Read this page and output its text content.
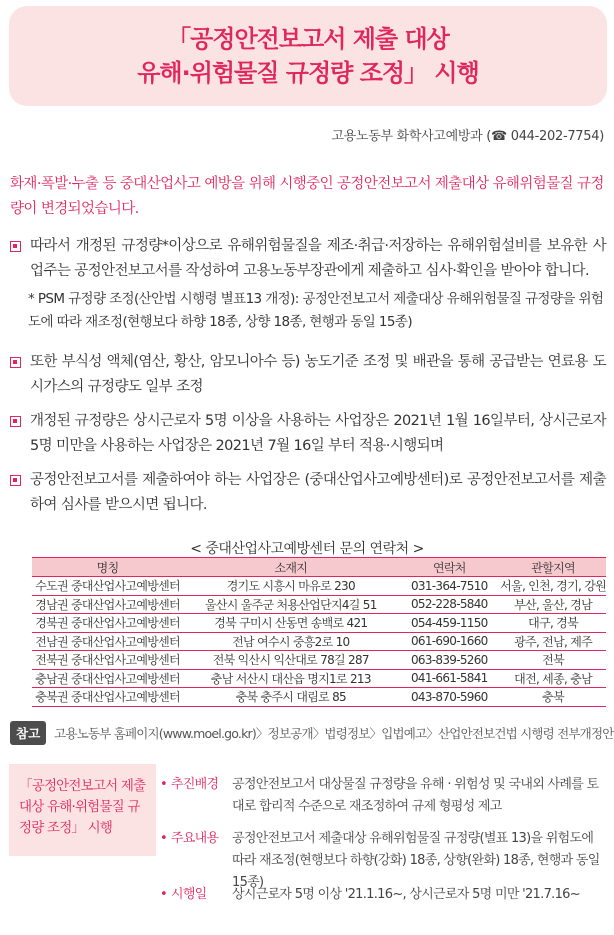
「공정안전보고서 제출 대상
유해·위험물질 규정량 조정」 시행
고용노동부 화학사고예방과 (☎ 044-202-7754)
화재·폭발·누출 등 중대산업사고 예방을 위해 시행중인 공정안전보고서 제출대상 유해위험물질 규정량이 변경되었습니다.
따라서 개정된 규정량*이상으로 유해위험물질을 제조·취급·저장하는 유해위험설비를 보유한 사업주는 공정안전보고서를 작성하여 고용노동부장관에게 제출하고 심사·확인을 받아야 합니다.
* PSM 규정량 조정(산안법 시행령 별표13 개정): 공정안전보고서 제출대상 유해위험물질 규정량을 위험도에 따라 재조정(현행보다 하향 18종, 상향 18종, 현행과 동일 15종)
또한 부식성 액체(염산, 황산, 암모니아수 등) 농도기준 조정 및 배관을 통해 공급받는 연료용 도시가스의 규정량도 일부 조정
개정된 규정량은 상시근로자 5명 이상을 사용하는 사업장은 2021년 1월 16일부터, 상시근로자 5명 미만을 사용하는 사업장은 2021년 7월 16일 부터 적용·시행되며
공정안전보고서를 제출하여야 하는 사업장은 (중대산업사고예방센터)로 공정안전보고서를 제출하여 심사를 받으시면 됩니다.
< 중대산업사고예방센터 문의 연락처 >
명칭	소재지	연락처	관할지역
수도권 중대산업사고예방센터	경기도 시흥시 마유로 230	031-364-7510	서울, 인천, 경기, 강원
경남권 중대산업사고예방센터	울산시 울주군 처용산업단지4길 51	052-228-5840	부산, 울산, 경남
경북권 중대산업사고예방센터	경북 구미시 산동면 송백로 421	054-459-1150	대구, 경북
전남권 중대산업사고예방센터	전남 여수시 중흥2로 10	061-690-1660	광주, 전남, 제주
전북권 중대산업사고예방센터	전북 익산시 익산대로 78길 287	063-839-5260	전북
충남권 중대산업사고예방센터	충남 서산시 대산읍 명지1로 213	041-661-5841	대전, 세종, 충남
충북권 중대산업사고예방센터	충북 충주시 대림로 85	043-870-5960	충북
참고	고용노동부 홈페이지(www.moel.go.kr)〉정보공개〉법령정보〉입법예고〉산업안전보건법 시행령 전부개정안
「공정안전보고서 제출 대상 유해·위험물질 규정량 조정」 시행
• 추진배경	공정안전보고서 대상물질 규정량을 유해 · 위험성 및 국내외 사례를 토대로 합리적 수준으로 재조정하여 규제 형평성 제고
• 주요내용	공정안전보고서 제출대상 유해위험물질 규정량(별표 13)을 위험도에 따라 재조정(현행보다 하향(강화) 18종, 상향(완화) 18종, 현행과 동일 15종)
• 시행일	상시근로자 5명 이상 '21.1.16~, 상시근로자 5명 미만 '21.7.16~
